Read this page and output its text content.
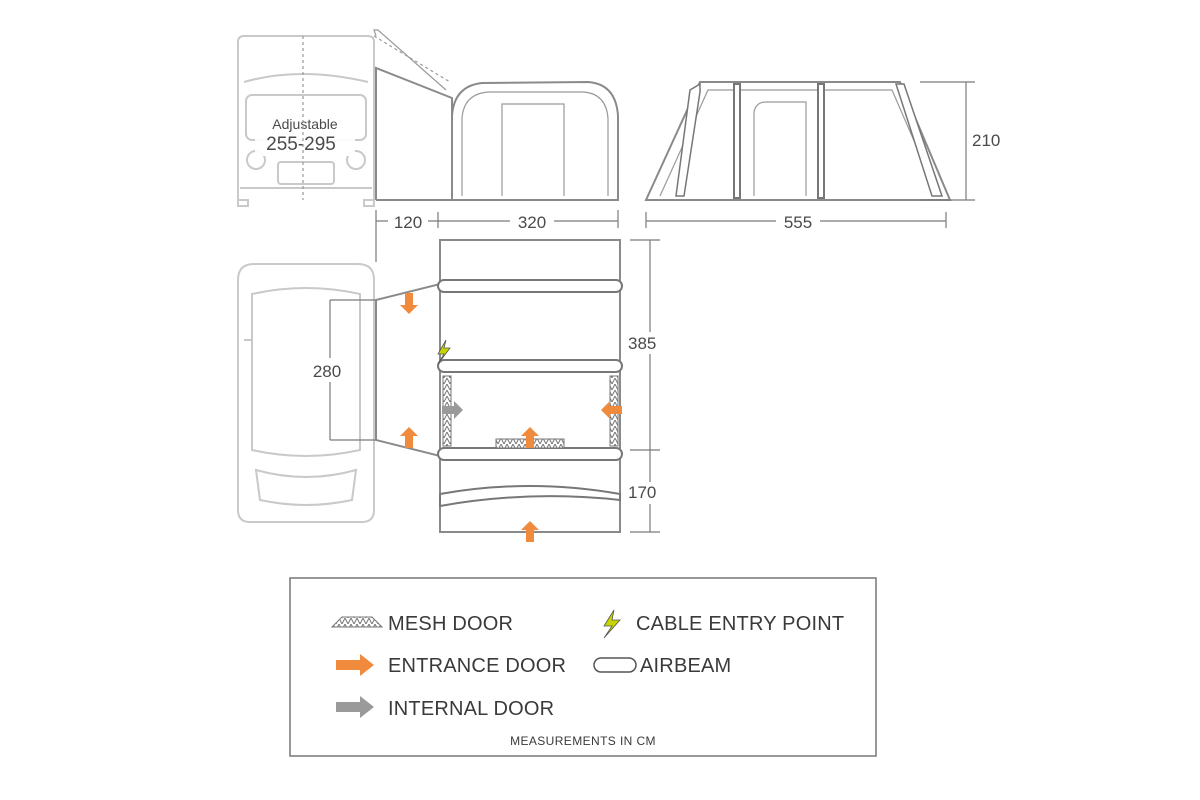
Adjustable
255-295	210
555
120	320
280
385
170
MESH DOOR	CABLE ENTRY POINT
ENTRANCE DOOR	AIRBEAM
INTERNAL DOOR
MEASUREMENTS IN CM
